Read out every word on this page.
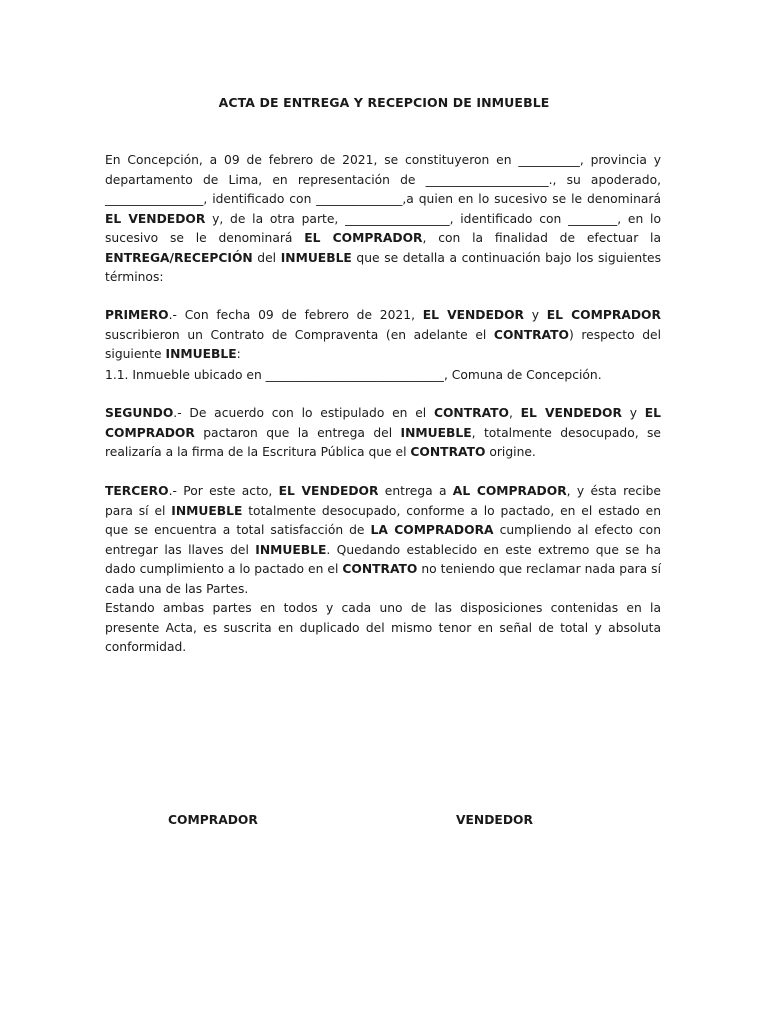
ACTA DE ENTREGA Y RECEPCION DE INMUEBLE

En Concepción, a 09 de febrero de 2021, se constituyeron en __________, provincia y departamento de Lima, en representación de ____________________., su apoderado, ________________, identificado con ______________,a quien en lo sucesivo se le denominará EL VENDEDOR y, de la otra parte, _________________, identificado con ________, en lo sucesivo se le denominará EL COMPRADOR, con la finalidad de efectuar la ENTREGA/RECEPCIÓN del INMUEBLE que se detalla a continuación bajo los siguientes términos:

PRIMERO.- Con fecha 09 de febrero de 2021, EL VENDEDOR y EL COMPRADOR suscribieron un Contrato de Compraventa (en adelante el CONTRATO) respecto del siguiente INMUEBLE:

1.1. Inmueble ubicado en _____________________________, Comuna de Concepción.

SEGUNDO.- De acuerdo con lo estipulado en el CONTRATO, EL VENDEDOR y EL COMPRADOR pactaron que la entrega del INMUEBLE, totalmente desocupado, se realizaría a la firma de la Escritura Pública que el CONTRATO origine.

TERCERO.- Por este acto, EL VENDEDOR entrega a AL COMPRADOR, y ésta recibe para sí el INMUEBLE totalmente desocupado, conforme a lo pactado, en el estado en que se encuentra a total satisfacción de LA COMPRADORA cumpliendo al efecto con entregar las llaves del INMUEBLE. Quedando establecido en este extremo que se ha dado cumplimiento a lo pactado en el CONTRATO no teniendo que reclamar nada para sí cada una de las Partes.

Estando ambas partes en todos y cada uno de las disposiciones contenidas en la presente Acta, es suscrita en duplicado del mismo tenor en señal de total y absoluta conformidad.

COMPRADOR	VENDEDOR
